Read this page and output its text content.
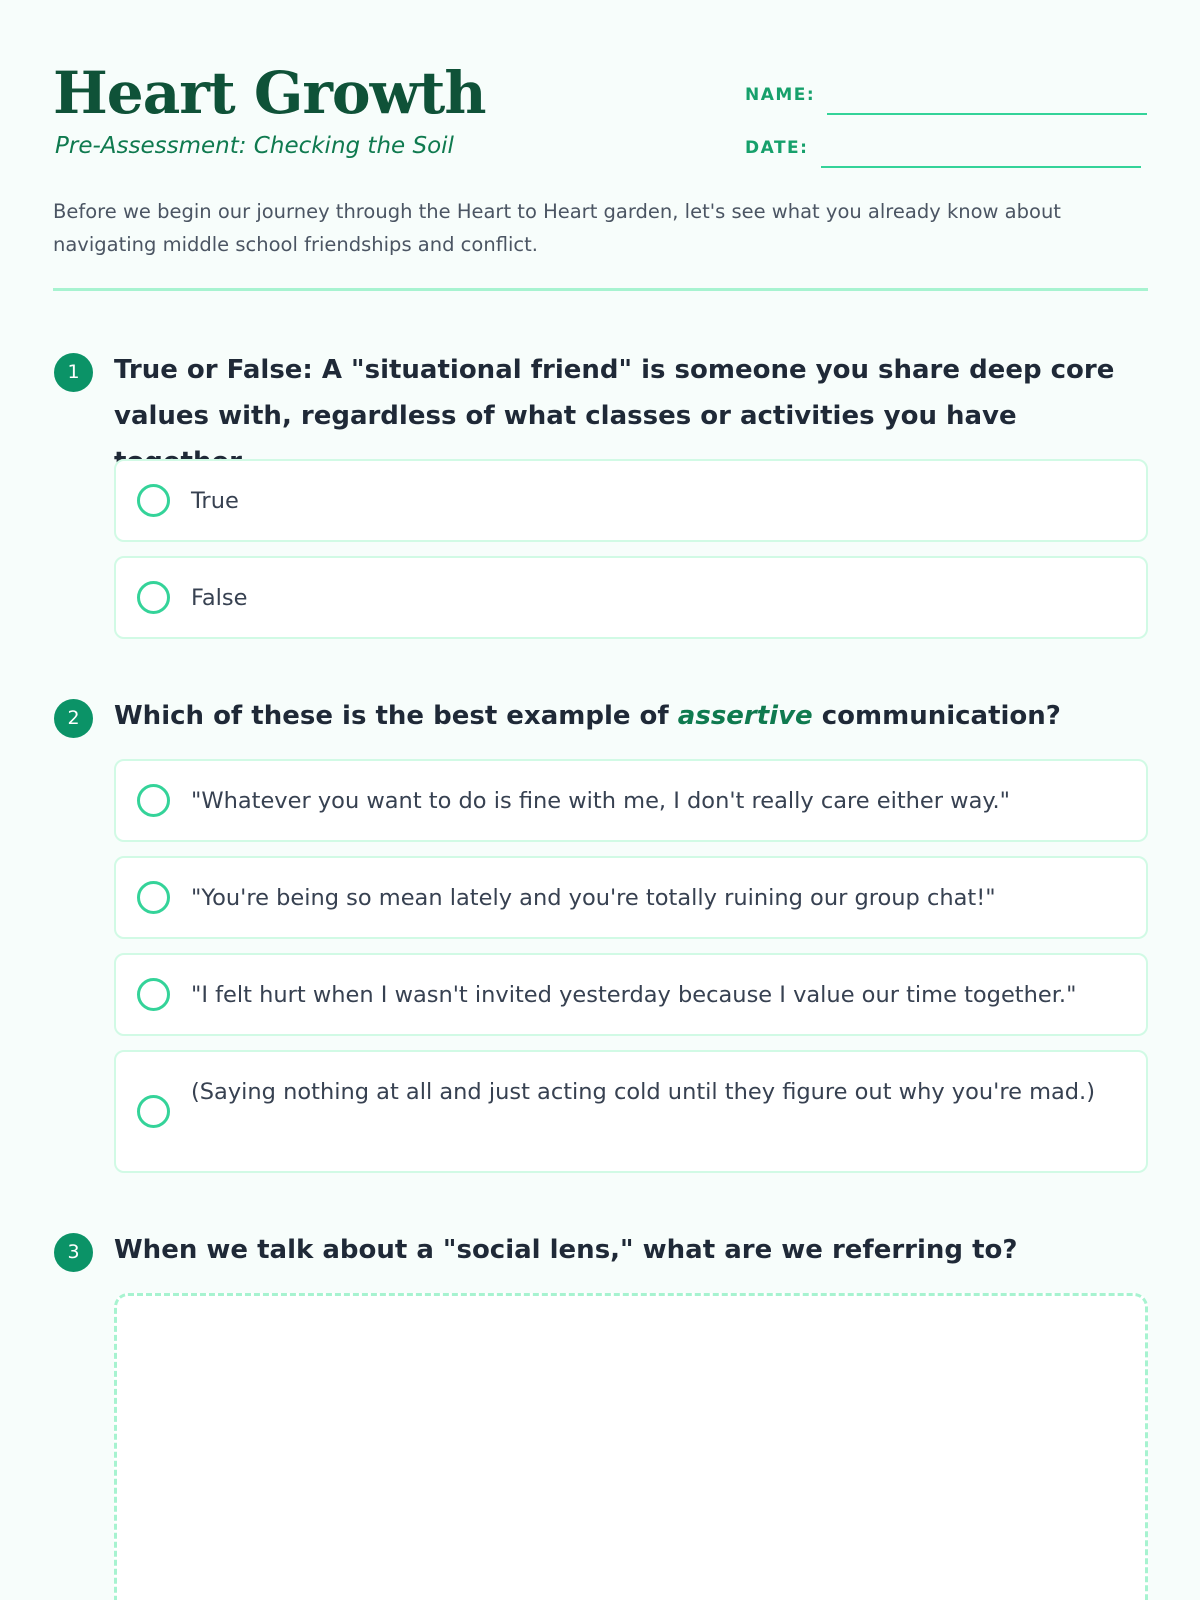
Heart Growth
Pre-Assessment: Checking the Soil
NAME:
DATE:

Before we begin our journey through the Heart to Heart garden, let's see what you already know about navigating middle school friendships and conflict.

1	True or False: A "situational friend" is someone you share deep core values with, regardless of what classes or activities you have
True
False
2	Which of these is the best example of assertive communication?
"Whatever you want to do is fine with me, I don't really care either way."
"You're being so mean lately and you're totally ruining our group chat!"
"I felt hurt when I wasn't invited yesterday because I value our time together."
(Saying nothing at all and just acting cold until they figure out why you're mad.)
3	When we talk about a "social lens," what are we referring to?
